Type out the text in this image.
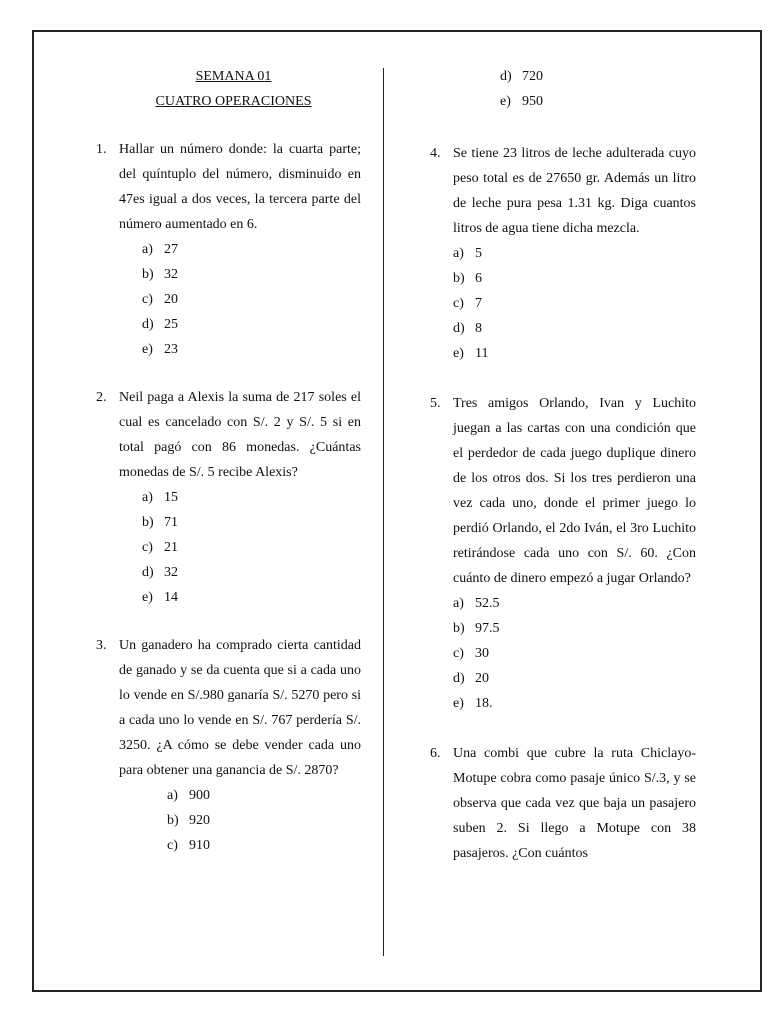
SEMANA 01
CUATRO OPERACIONES
1. Hallar un número donde: la cuarta parte; del quíntuplo del número, disminuido en 47es igual a dos veces, la tercera parte del número aumentado en 6.
a) 27
b) 32
c) 20
d) 25
e) 23
2. Neil paga a Alexis la suma de 217 soles el cual es cancelado con S/. 2 y S/. 5 si en total pagó con 86 monedas. ¿Cuántas monedas de S/. 5 recibe Alexis?
a) 15
b) 71
c) 21
d) 32
e) 14
3. Un ganadero ha comprado cierta cantidad de ganado y se da cuenta que si a cada uno lo vende en S/.980 ganaría S/. 5270 pero si a cada uno lo vende en S/. 767 perdería S/. 3250. ¿A cómo se debe vender cada uno para obtener una ganancia de S/. 2870?
a) 900
b) 920
c) 910
d) 720
e) 950
4. Se tiene 23 litros de leche adulterada cuyo peso total es de 27650 gr. Además un litro de leche pura pesa 1.31 kg. Diga cuantos litros de agua tiene dicha mezcla.
a) 5
b) 6
c) 7
d) 8
e) 11
5. Tres amigos Orlando, Ivan y Luchito juegan a las cartas con una condición que el perdedor de cada juego duplique dinero de los otros dos. Si los tres perdieron una vez cada uno, donde el primer juego lo perdió Orlando, el 2do Iván, el 3ro Luchito retirándose cada uno con S/. 60. ¿Con cuánto de dinero empezó a jugar Orlando?
a) 52.5
b) 97.5
c) 30
d) 20
e) 18.
6. Una combi que cubre la ruta Chiclayo-Motupe cobra como pasaje único S/.3, y se observa que cada vez que baja un pasajero suben 2. Si llego a Motupe con 38 pasajeros. ¿Con cuántos
